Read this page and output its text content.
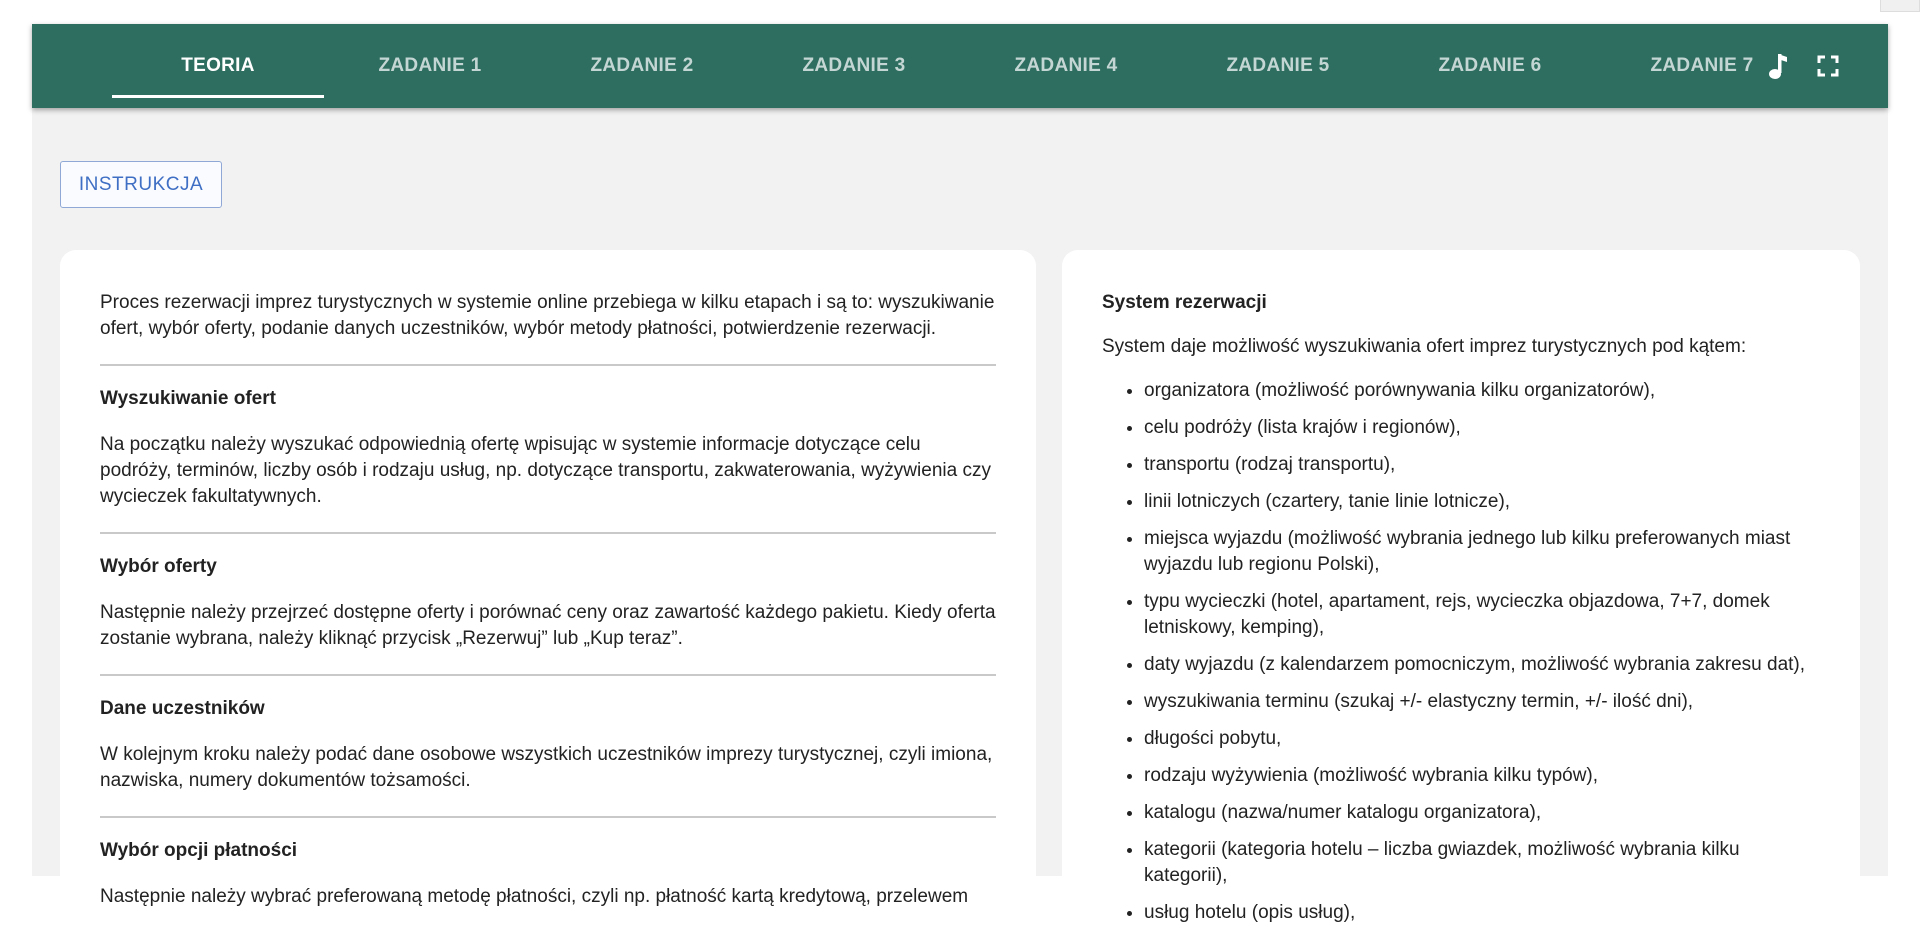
TEORIA	ZADANIE 1	ZADANIE 2	ZADANIE 3	ZADANIE 4	ZADANIE 5	ZADANIE 6	ZADANIE 7
INSTRUKCJA

Proces rezerwacji imprez turystycznych w systemie online przebiega w kilku etapach i są to: wyszukiwanie ofert, wybór oferty, podanie danych uczestników, wybór metody płatności, potwierdzenie rezerwacji.

Wyszukiwanie ofert

Na początku należy wyszukać odpowiednią ofertę wpisując w systemie informacje dotyczące celu podróży, terminów, liczby osób i rodzaju usług, np. dotyczące transportu, zakwaterowania, wyżywienia czy wycieczek fakultatywnych.

Wybór oferty

Następnie należy przejrzeć dostępne oferty i porównać ceny oraz zawartość każdego pakietu. Kiedy oferta zostanie wybrana, należy kliknąć przycisk „Rezerwuj” lub „Kup teraz”.

Dane uczestników

W kolejnym kroku należy podać dane osobowe wszystkich uczestników imprezy turystycznej, czyli imiona, nazwiska, numery dokumentów tożsamości.

Wybór opcji płatności

Następnie należy wybrać preferowaną metodę płatności, czyli np. płatność kartą kredytową, przelewem

System rezerwacji

System daje możliwość wyszukiwania ofert imprez turystycznych pod kątem:

• organizatora (możliwość porównywania kilku organizatorów),
• celu podróży (lista krajów i regionów),
• transportu (rodzaj transportu),
• linii lotniczych (czartery, tanie linie lotnicze),
• miejsca wyjazdu (możliwość wybrania jednego lub kilku preferowanych miast wyjazdu lub regionu Polski),
• typu wycieczki (hotel, apartament, rejs, wycieczka objazdowa, 7+7, domek letniskowy, kemping),
• daty wyjazdu (z kalendarzem pomocniczym, możliwość wybrania zakresu dat),
• wyszukiwania terminu (szukaj +/- elastyczny termin, +/- ilość dni),
• długości pobytu,
• rodzaju wyżywienia (możliwość wybrania kilku typów),
• katalogu (nazwa/numer katalogu organizatora),
• kategorii (kategoria hotelu – liczba gwiazdek, możliwość wybrania kilku kategorii),
• usług hotelu (opis usług),
